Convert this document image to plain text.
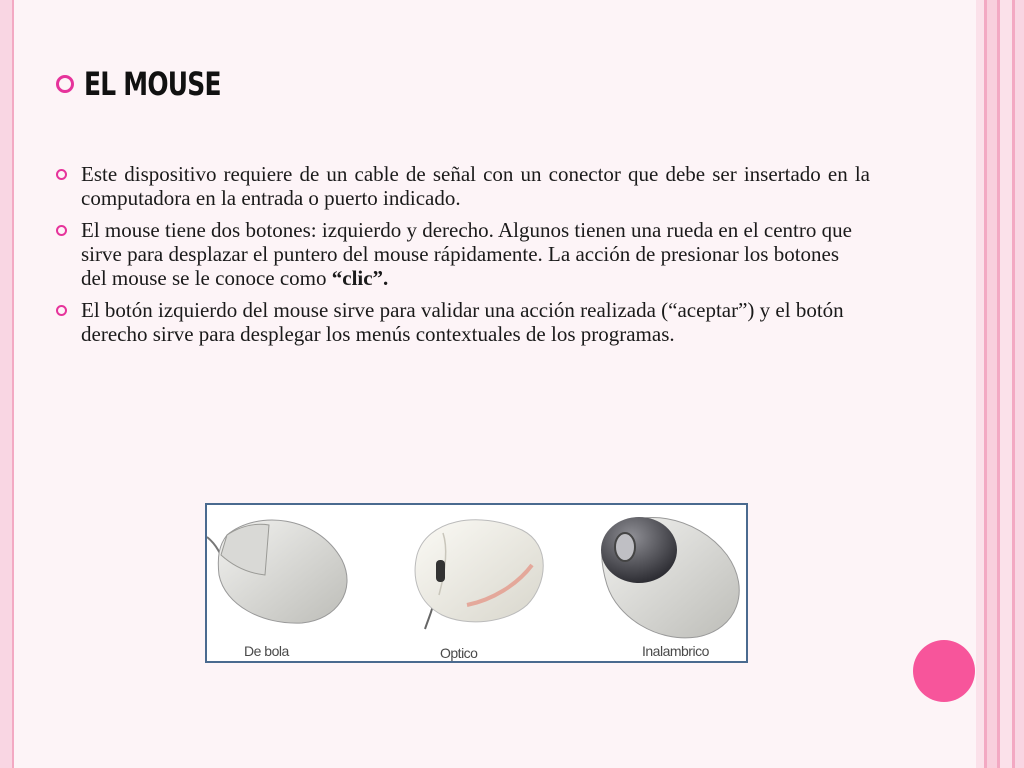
EL MOUSE
Este dispositivo requiere de un cable de señal con un conector que debe ser insertado en la computadora en la entrada o puerto indicado.
El mouse tiene dos botones: izquierdo y derecho. Algunos tienen una rueda en el centro que sirve para desplazar el puntero del mouse rápidamente. La acción de presionar los botones del mouse se le conoce como “clic”.
El botón izquierdo del mouse sirve para validar una acción realizada (“aceptar”) y el botón derecho sirve para desplegar los menús contextuales de los programas.
De bola	Optico	Inalambrico
